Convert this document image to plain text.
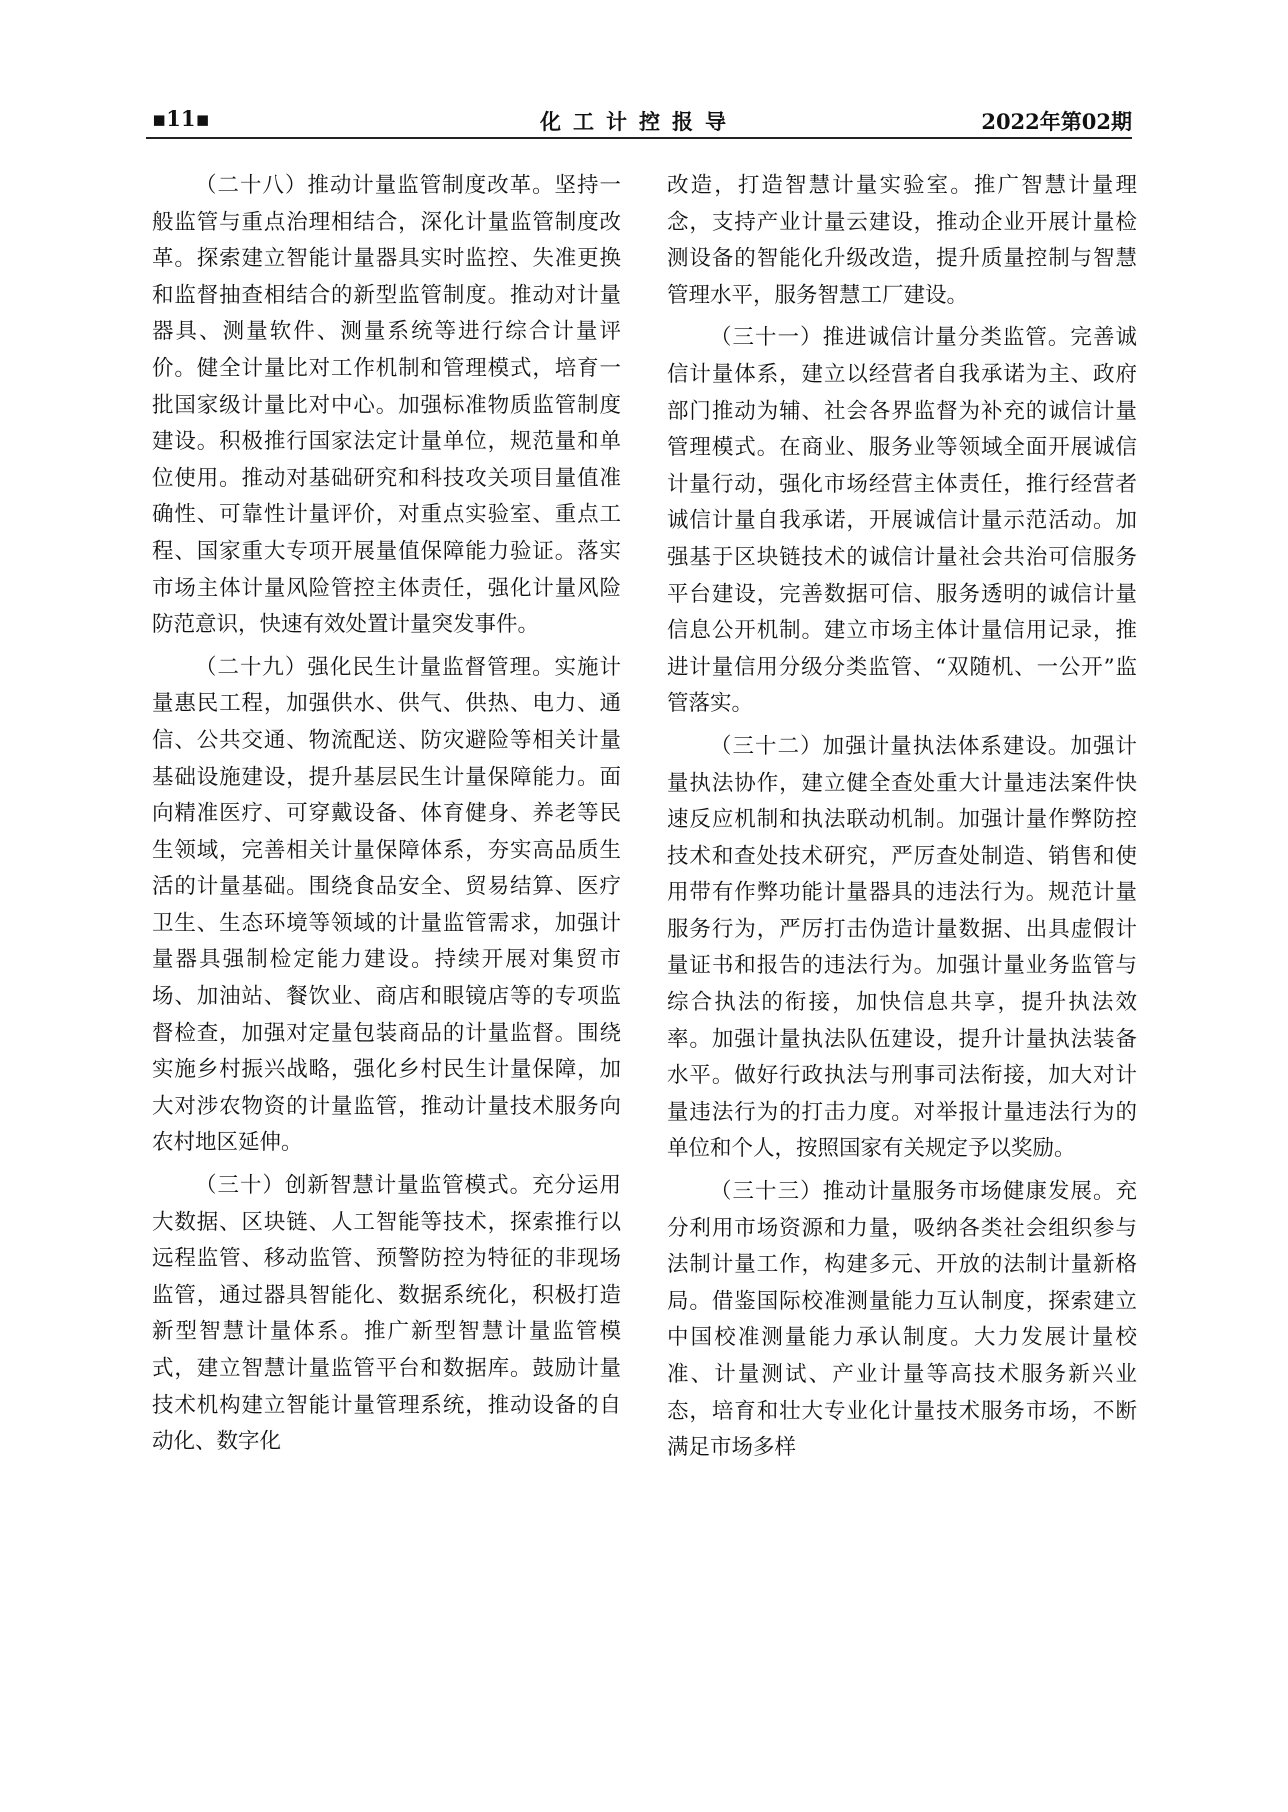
▪11▪	化工计控报导	2022年第02期

（二十八）推动计量监管制度改革。坚持一般监管与重点治理相结合，深化计量监管制度改革。探索建立智能计量器具实时监控、失准更换和监督抽查相结合的新型监管制度。推动对计量器具、测量软件、测量系统等进行综合计量评价。健全计量比对工作机制和管理模式，培育一批国家级计量比对中心。加强标准物质监管制度建设。积极推行国家法定计量单位，规范量和单位使用。推动对基础研究和科技攻关项目量值准确性、可靠性计量评价，对重点实验室、重点工程、国家重大专项开展量值保障能力验证。落实市场主体计量风险管控主体责任，强化计量风险防范意识，快速有效处置计量突发事件。

（二十九）强化民生计量监督管理。实施计量惠民工程，加强供水、供气、供热、电力、通信、公共交通、物流配送、防灾避险等相关计量基础设施建设，提升基层民生计量保障能力。面向精准医疗、可穿戴设备、体育健身、养老等民生领域，完善相关计量保障体系，夯实高品质生活的计量基础。围绕食品安全、贸易结算、医疗卫生、生态环境等领域的计量监管需求，加强计量器具强制检定能力建设。持续开展对集贸市场、加油站、餐饮业、商店和眼镜店等的专项监督检查，加强对定量包装商品的计量监督。围绕实施乡村振兴战略，强化乡村民生计量保障，加大对涉农物资的计量监管，推动计量技术服务向农村地区延伸。

（三十）创新智慧计量监管模式。充分运用大数据、区块链、人工智能等技术，探索推行以远程监管、移动监管、预警防控为特征的非现场监管，通过器具智能化、数据系统化，积极打造新型智慧计量体系。推广新型智慧计量监管模式，建立智慧计量监管平台和数据库。鼓励计量技术机构建立智能计量管理系统，推动设备的自动化、数字化

改造，打造智慧计量实验室。推广智慧计量理念，支持产业计量云建设，推动企业开展计量检测设备的智能化升级改造，提升质量控制与智慧管理水平，服务智慧工厂建设。

（三十一）推进诚信计量分类监管。完善诚信计量体系，建立以经营者自我承诺为主、政府部门推动为辅、社会各界监督为补充的诚信计量管理模式。在商业、服务业等领域全面开展诚信计量行动，强化市场经营主体责任，推行经营者诚信计量自我承诺，开展诚信计量示范活动。加强基于区块链技术的诚信计量社会共治可信服务平台建设，完善数据可信、服务透明的诚信计量信息公开机制。建立市场主体计量信用记录，推进计量信用分级分类监管、“双随机、一公开”监管落实。

（三十二）加强计量执法体系建设。加强计量执法协作，建立健全查处重大计量违法案件快速反应机制和执法联动机制。加强计量作弊防控技术和查处技术研究，严厉查处制造、销售和使用带有作弊功能计量器具的违法行为。规范计量服务行为，严厉打击伪造计量数据、出具虚假计量证书和报告的违法行为。加强计量业务监管与综合执法的衔接，加快信息共享，提升执法效率。加强计量执法队伍建设，提升计量执法装备水平。做好行政执法与刑事司法衔接，加大对计量违法行为的打击力度。对举报计量违法行为的单位和个人，按照国家有关规定予以奖励。

（三十三）推动计量服务市场健康发展。充分利用市场资源和力量，吸纳各类社会组织参与法制计量工作，构建多元、开放的法制计量新格局。借鉴国际校准测量能力互认制度，探索建立中国校准测量能力承认制度。大力发展计量校准、计量测试、产业计量等高技术服务新兴业态，培育和壮大专业化计量技术服务市场，不断满足市场多样
